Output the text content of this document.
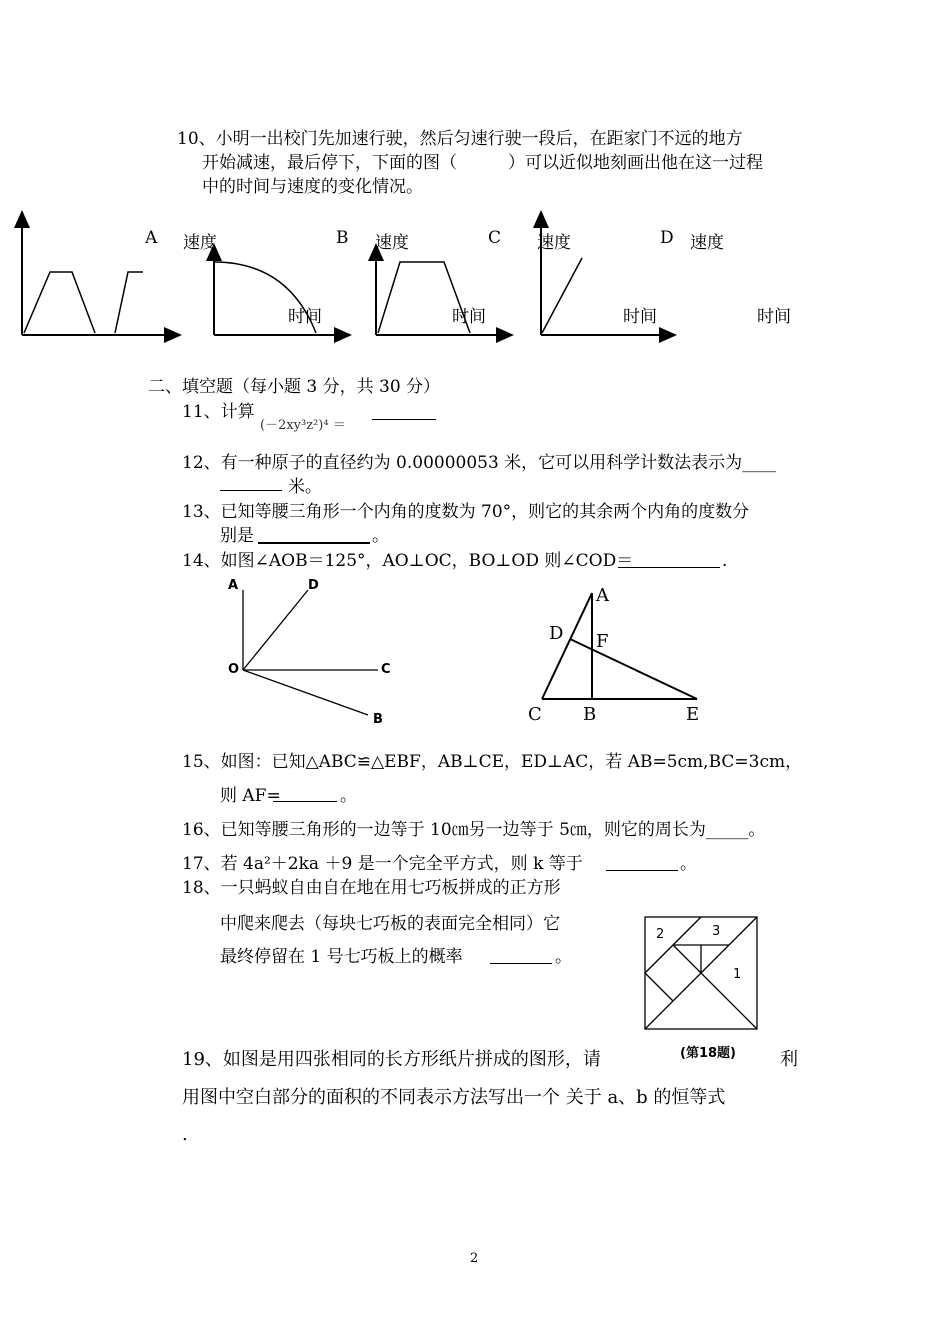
10、小明一出校门先加速行驶，然后匀速行驶一段后，在距家门不远的地方
开始减速，最后停下，下面的图（　　　）可以近似地刻画出他在这一过程
中的时间与速度的变化情况。
A 速度
时间
B 速度
时间
C 速度
时间
D 速度
时间
二、填空题（每小题 3 分，共 30 分）
11、计算
(－2xy³z²)⁴ ＝
12、有一种原子的直径约为 0.00000053 米，它可以用科学计数法表示为____
米。
13、已知等腰三角形一个内角的度数为 70°，则它的其余两个内角的度数分
别是	。
14、如图∠AOB＝125°，AO⊥OC，BO⊥OD 则∠COD＝	.
A	D
O	C
B
A
D F
C B	E
15、如图：已知△ABC≌△EBF，AB⊥CE，ED⊥AC，若 AB=5cm,BC=3cm，
则 AF=	。
16、已知等腰三角形的一边等于 10㎝另一边等于 5㎝，则它的周长为_____。
17、若 4a²＋2ka ＋9 是一个完全平方式，则 k 等于	。
18、一只蚂蚁自由自在地在用七巧板拼成的正方形
中爬来爬去（每块七巧板的表面完全相同）它
最终停留在 1 号七巧板上的概率	。
2	3
1
(第18题)
19、如图是用四张相同的长方形纸片拼成的图形，请	利
用图中空白部分的面积的不同表示方法写出一个 关于 a、b 的恒等式
.
2
